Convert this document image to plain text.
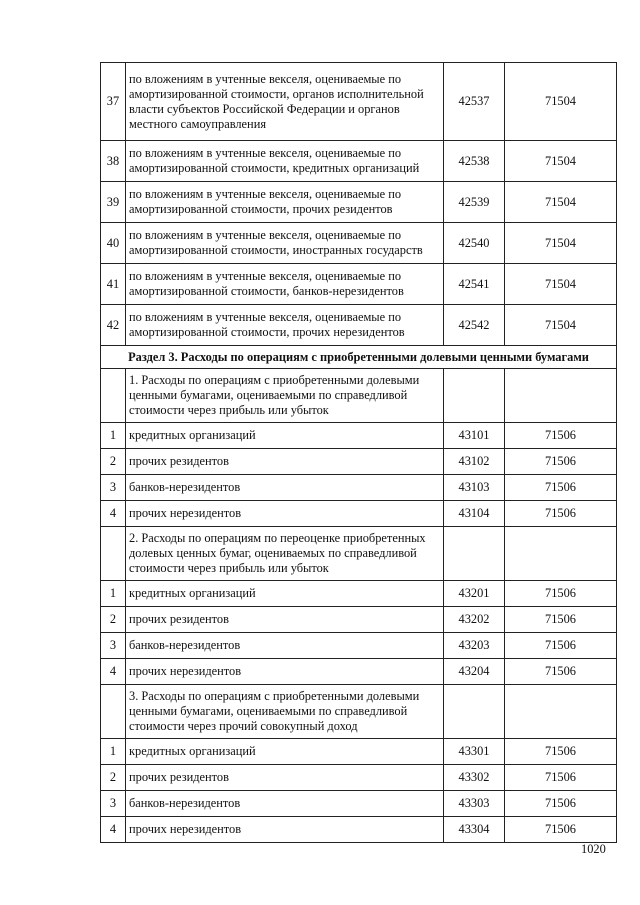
37	по вложениям в учтенные векселя, оцениваемые по амортизированной стоимости, органов исполнительной власти субъектов Российской Федерации и органов местного самоуправления	42537	71504
38	по вложениям в учтенные векселя, оцениваемые по амортизированной стоимости, кредитных организаций	42538	71504
39	по вложениям в учтенные векселя, оцениваемые по амортизированной стоимости, прочих резидентов	42539	71504
40	по вложениям в учтенные векселя, оцениваемые по амортизированной стоимости, иностранных государств	42540	71504
41	по вложениям в учтенные векселя, оцениваемые по амортизированной стоимости, банков-нерезидентов	42541	71504
42	по вложениям в учтенные векселя, оцениваемые по амортизированной стоимости, прочих нерезидентов	42542	71504
Раздел 3. Расходы по операциям с приобретенными долевыми ценными бумагами			
	1. Расходы по операциям с приобретенными долевыми ценными бумагами, оцениваемыми по справедливой стоимости через прибыль или убыток		
1	кредитных организаций	43101	71506
2	прочих резидентов	43102	71506
3	банков-нерезидентов	43103	71506
4	прочих нерезидентов	43104	71506
	2. Расходы по операциям по переоценке приобретенных долевых ценных бумаг, оцениваемых по справедливой стоимости через прибыль или убыток		
1	кредитных организаций	43201	71506
2	прочих резидентов	43202	71506
3	банков-нерезидентов	43203	71506
4	прочих нерезидентов	43204	71506
	3. Расходы по операциям с приобретенными долевыми ценными бумагами, оцениваемыми по справедливой стоимости через прочий совокупный доход		
1	кредитных организаций	43301	71506
2	прочих резидентов	43302	71506
3	банков-нерезидентов	43303	71506
4	прочих нерезидентов	43304	71506
1020
